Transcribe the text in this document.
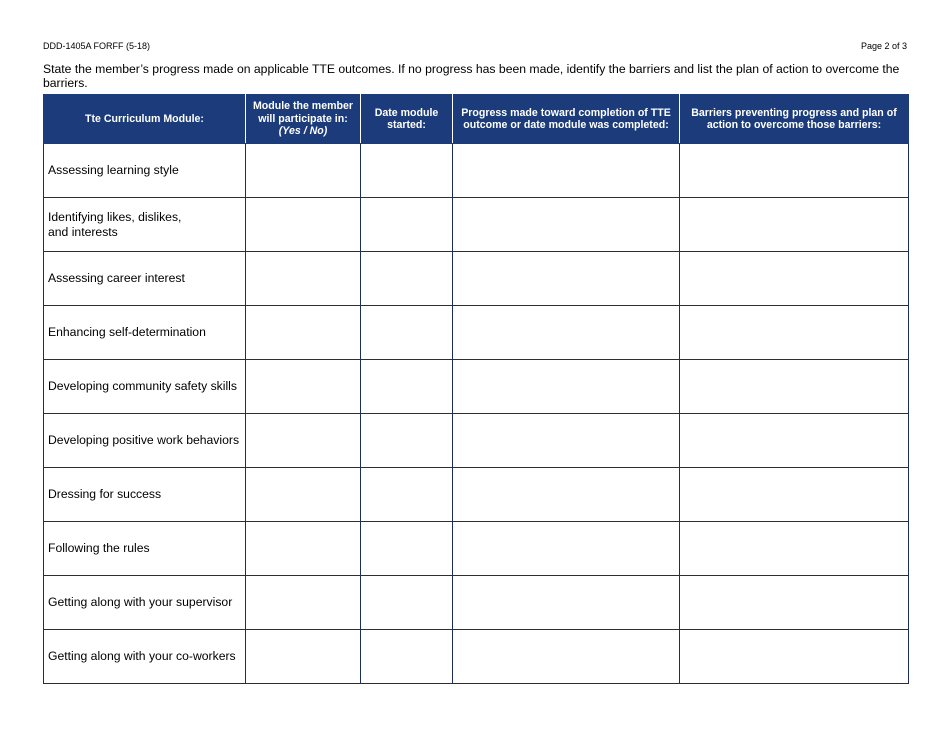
DDD-1405A FORFF (5-18)	Page 2 of 3
State the member’s progress made on applicable TTE outcomes. If no progress has been made, identify the barriers and list the plan of action to overcome the barriers.
Tte Curriculum Module:	Module the member will participate in:
(Yes / No)	Date module started:	Progress made toward completion of TTE outcome or date module was completed:	Barriers preventing progress and plan of action to overcome those barriers:
Assessing learning style				
Identifying likes, dislikes,
and interests				
Assessing career interest				
Enhancing self-determination				
Developing community safety skills				
Developing positive work behaviors				
Dressing for success				
Following the rules				
Getting along with your supervisor				
Getting along with your co-workers				
